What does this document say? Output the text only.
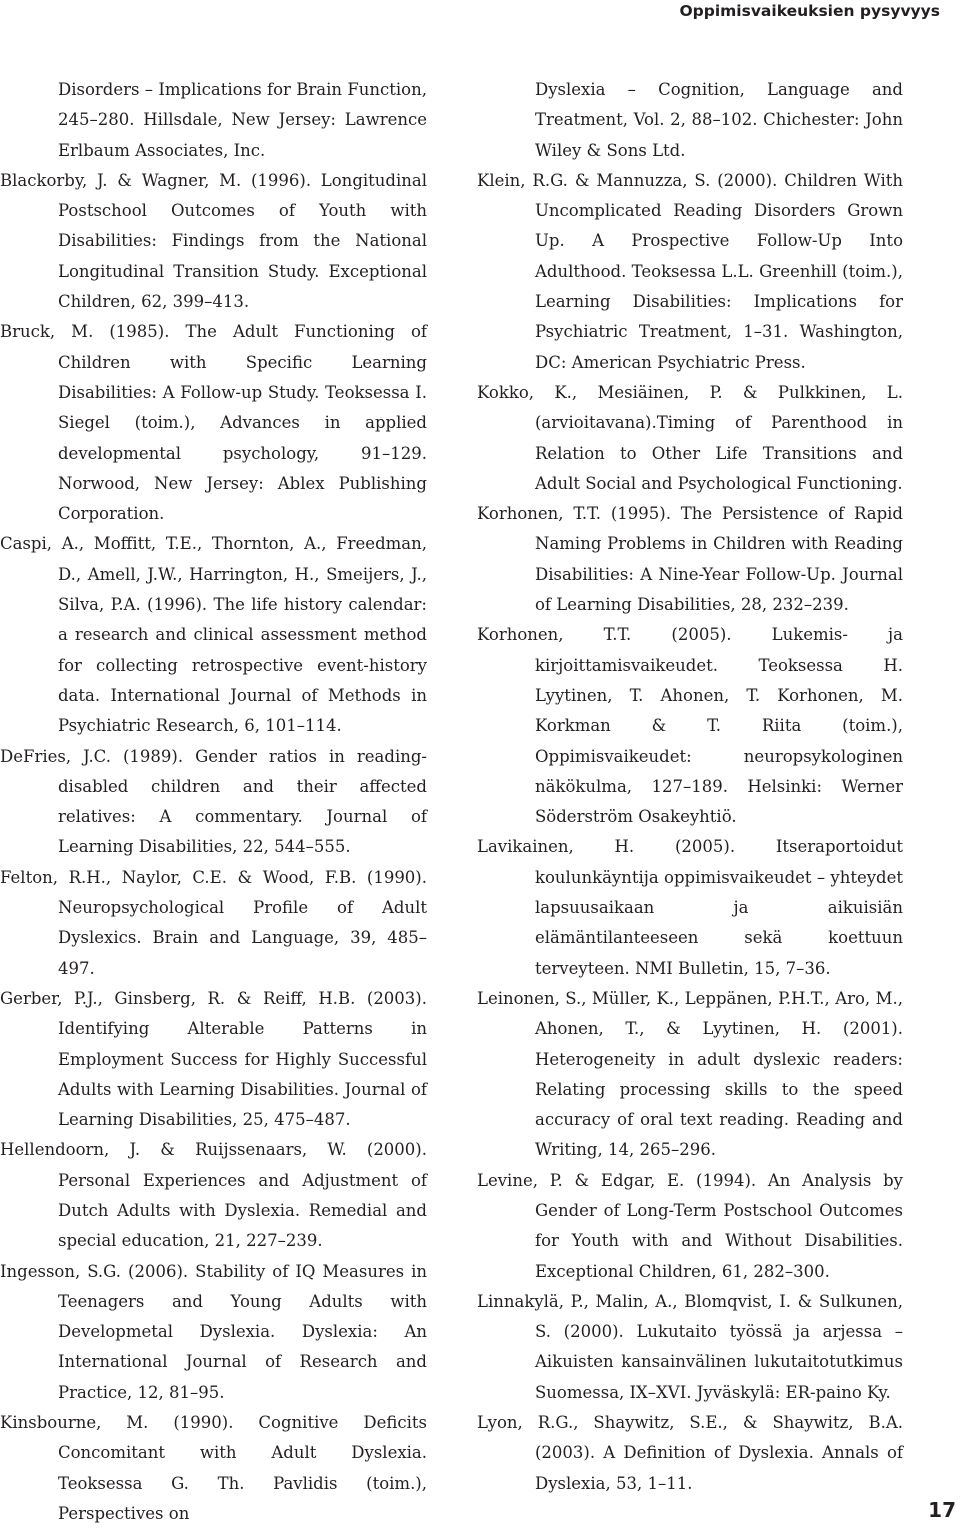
Oppimisvaikeuksien pysyvyys

Disorders – Implications for Brain Function, 245–280. Hillsdale, New Jersey: Lawrence Erlbaum Associates, Inc.

Blackorby, J. & Wagner, M. (1996). Longitudinal Postschool Outcomes of Youth with Disabilities: Findings from the National Longitudinal Transition Study. Exceptional Children, 62, 399–413.

Bruck, M. (1985). The Adult Functioning of Children with Specific Learning Disabilities: A Follow-up Study. Teoksessa I. Siegel (toim.), Advances in applied developmental psychology, 91–129. Norwood, New Jersey: Ablex Publishing Corporation.

Caspi, A., Moffitt, T.E., Thornton, A., Freedman, D., Amell, J.W., Harrington, H., Smeijers, J., Silva, P.A. (1996). The life history calendar: a research and clinical assessment method for collecting retrospective event-history data. International Journal of Methods in Psychiatric Research, 6, 101–114.

DeFries, J.C. (1989). Gender ratios in reading-disabled children and their affected relatives: A commentary. Journal of Learning Disabilities, 22, 544–555.

Felton, R.H., Naylor, C.E. & Wood, F.B. (1990). Neuropsychological Profile of Adult Dyslexics. Brain and Language, 39, 485–497.

Gerber, P.J., Ginsberg, R. & Reiff, H.B. (2003). Identifying Alterable Patterns in Employment Success for Highly Successful Adults with Learning Disabilities. Journal of Learning Disabilities, 25, 475–487.

Hellendoorn, J. & Ruijssenaars, W. (2000). Personal Experiences and Adjustment of Dutch Adults with Dyslexia. Remedial and special education, 21, 227–239.

Ingesson, S.G. (2006). Stability of IQ Measures in Teenagers and Young Adults with Developmetal Dyslexia. Dyslexia: An International Journal of Research and Practice, 12, 81–95.

Kinsbourne, M. (1990). Cognitive Deficits Concomitant with Adult Dyslexia. Teoksessa G. Th. Pavlidis (toim.), Perspectives on

Dyslexia – Cognition, Language and Treatment, Vol. 2, 88–102. Chichester: John Wiley & Sons Ltd.

Klein, R.G. & Mannuzza, S. (2000). Children With Uncomplicated Reading Disorders Grown Up. A Prospective Follow-Up Into Adulthood. Teoksessa L.L. Greenhill (toim.), Learning Disabilities: Implications for Psychiatric Treatment, 1–31. Washington, DC: American Psychiatric Press.

Kokko, K., Mesiäinen, P. & Pulkkinen, L. (arvioitavana).Timing of Parenthood in Relation to Other Life Transitions and Adult Social and Psychological Functioning.

Korhonen, T.T. (1995). The Persistence of Rapid Naming Problems in Children with Reading Disabilities: A Nine-Year Follow-Up. Journal of Learning Disabilities, 28, 232–239.

Korhonen, T.T. (2005). Lukemis- ja kirjoittamisvaikeudet. Teoksessa H. Lyytinen, T. Ahonen, T. Korhonen, M. Korkman & T. Riita (toim.), Oppimisvaikeudet: neuropsykologinen näkökulma, 127–189. Helsinki: Werner Söderström Osakeyhtiö.

Lavikainen, H. (2005). Itseraportoidut koulunkäyntija oppimisvaikeudet – yhteydet lapsuusaikaan ja aikuisiän elämäntilanteeseen sekä koettuun terveyteen. NMI Bulletin, 15, 7–36.

Leinonen, S., Müller, K., Leppänen, P.H.T., Aro, M., Ahonen, T., & Lyytinen, H. (2001). Heterogeneity in adult dyslexic readers: Relating processing skills to the speed accuracy of oral text reading. Reading and Writing, 14, 265–296.

Levine, P. & Edgar, E. (1994). An Analysis by Gender of Long-Term Postschool Outcomes for Youth with and Without Disabilities. Exceptional Children, 61, 282–300.

Linnakylä, P., Malin, A., Blomqvist, I. & Sulkunen, S. (2000). Lukutaito työssä ja arjessa – Aikuisten kansainvälinen lukutaitotutkimus Suomessa, IX–XVI. Jyväskylä: ER-paino Ky.

Lyon, R.G., Shaywitz, S.E., & Shaywitz, B.A. (2003). A Definition of Dyslexia. Annals of Dyslexia, 53, 1–11.

17
